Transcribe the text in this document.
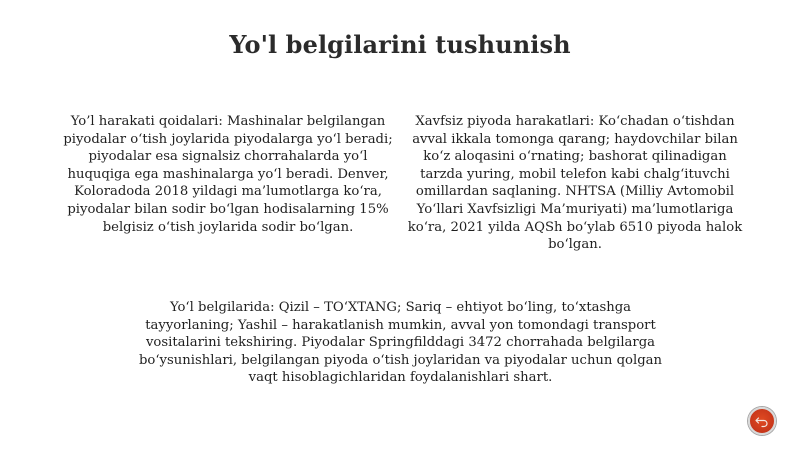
Yo'l belgilarini tushunish

Yo’l harakati qoidalari: Mashinalar belgilangan piyodalar o‘tish joylarida piyodalarga yo‘l beradi; piyodalar esa signalsiz chorrahalarda yo‘l huquqiga ega mashinalarga yo‘l beradi. Denver, Koloradoda 2018 yildagi ma’lumotlarga ko‘ra, piyodalar bilan sodir bo‘lgan hodisalarning 15% belgisiz o‘tish joylarida sodir bo‘lgan.

Xavfsiz piyoda harakatlari: Ko‘chadan o‘tishdan avval ikkala tomonga qarang; haydovchilar bilan ko‘z aloqasini o‘rnating; bashorat qilinadigan tarzda yuring, mobil telefon kabi chalg‘ituvchi omillardan saqlaning. NHTSA (Milliy Avtomobil Yo‘llari Xavfsizligi Ma’muriyati) ma’lumotlariga ko‘ra, 2021 yilda AQSh bo‘ylab 6510 piyoda halok bo‘lgan.

Yo‘l belgilarida: Qizil – TO‘XTANG; Sariq – ehtiyot bo‘ling, to‘xtashga tayyorlaning; Yashil – harakatlanish mumkin, avval yon tomondagi transport vositalarini tekshiring. Piyodalar Springfilddagi 3472 chorrahada belgilarga bo‘ysunishlari, belgilangan piyoda o‘tish joylaridan va piyodalar uchun qolgan vaqt hisoblagichlaridan foydalanishlari shart.
